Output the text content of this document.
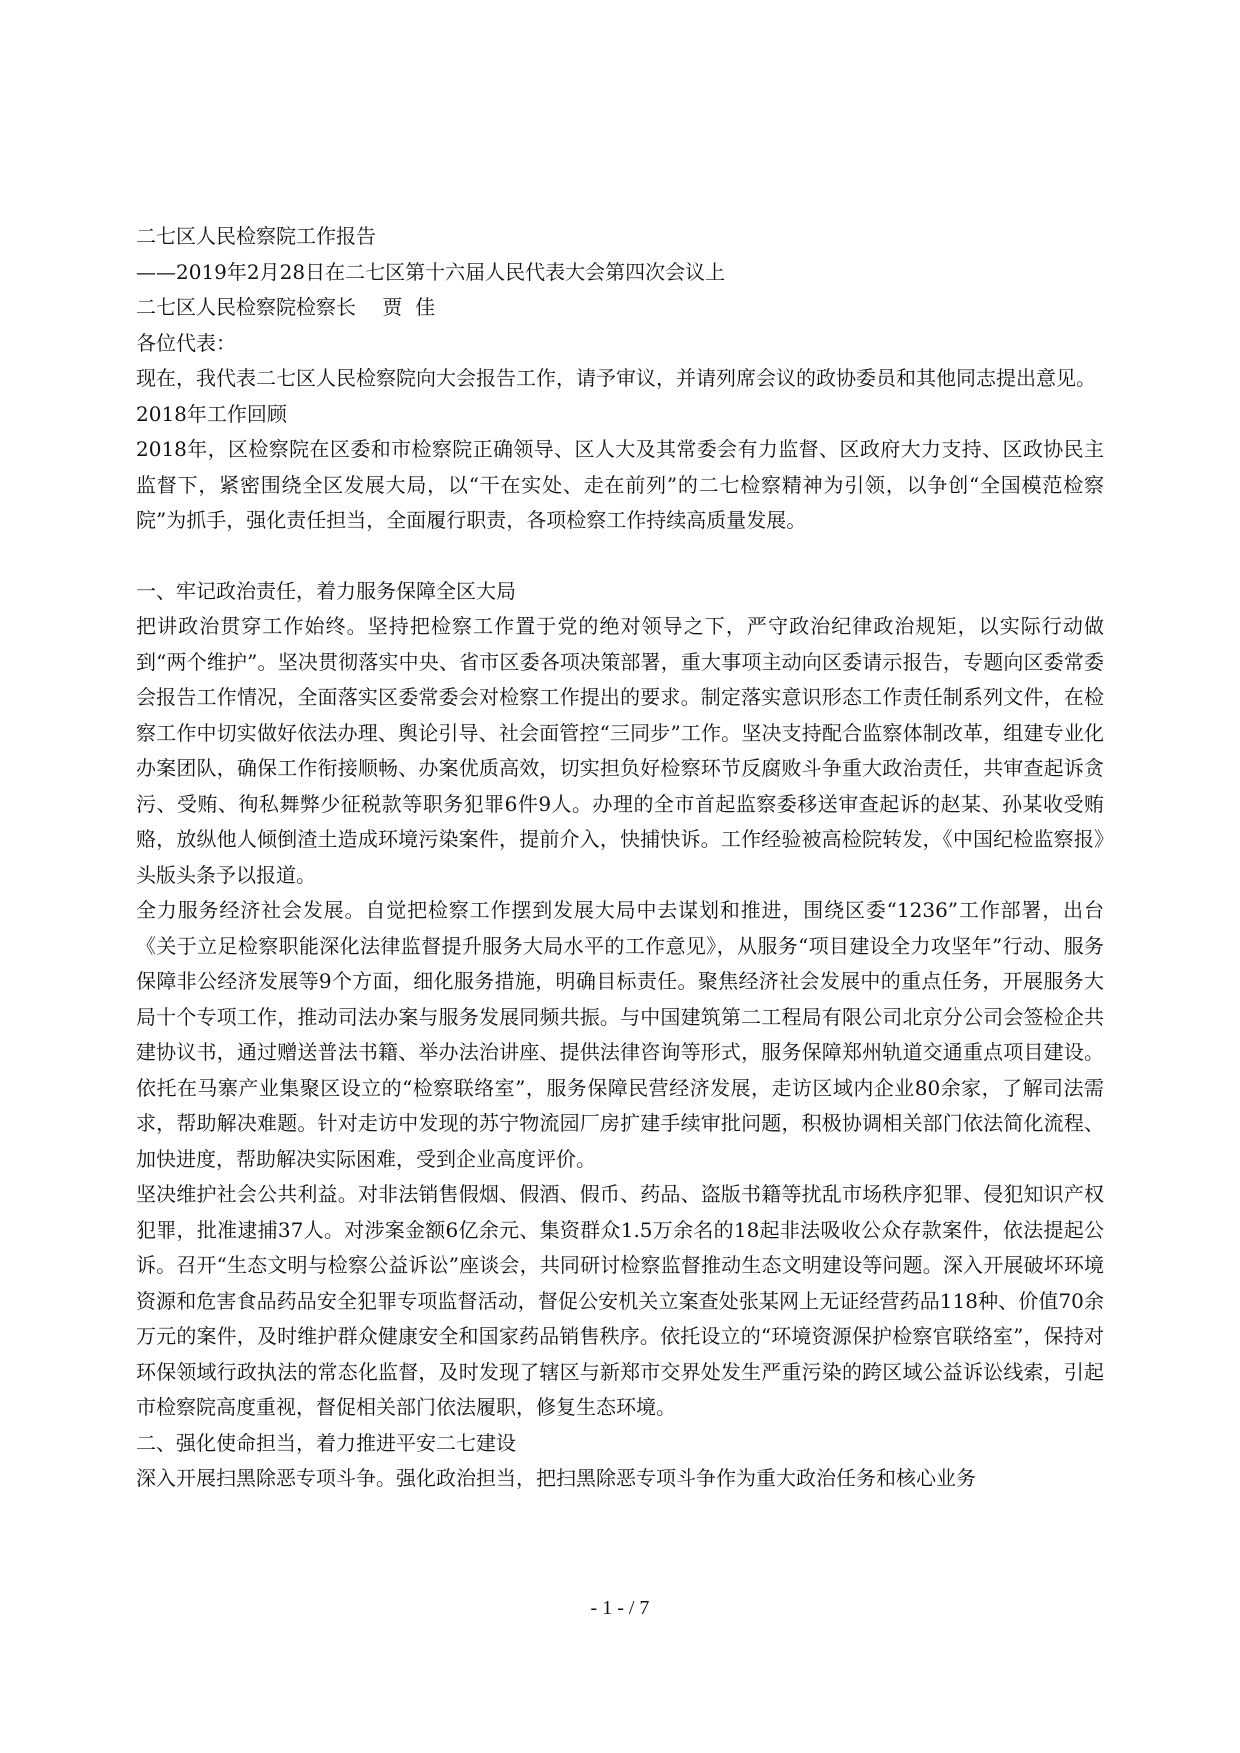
二七区人民检察院工作报告

——2019年2月28日在二七区第十六届人民代表大会第四次会议上

二七区人民检察院检察长　 贾  佳

各位代表：

现在，我代表二七区人民检察院向大会报告工作，请予审议，并请列席会议的政协委员和其他同志提出意见。

2018年工作回顾

2018年，区检察院在区委和市检察院正确领导、区人大及其常委会有力监督、区政府大力支持、区政协民主监督下，紧密围绕全区发展大局，以“干在实处、走在前列”的二七检察精神为引领，以争创“全国模范检察院”为抓手，强化责任担当，全面履行职责，各项检察工作持续高质量发展。

一、牢记政治责任，着力服务保障全区大局

把讲政治贯穿工作始终。坚持把检察工作置于党的绝对领导之下，严守政治纪律政治规矩，以实际行动做到“两个维护”。坚决贯彻落实中央、省市区委各项决策部署，重大事项主动向区委请示报告，专题向区委常委会报告工作情况，全面落实区委常委会对检察工作提出的要求。制定落实意识形态工作责任制系列文件，在检察工作中切实做好依法办理、舆论引导、社会面管控“三同步”工作。坚决支持配合监察体制改革，组建专业化办案团队，确保工作衔接顺畅、办案优质高效，切实担负好检察环节反腐败斗争重大政治责任，共审查起诉贪污、受贿、徇私舞弊少征税款等职务犯罪6件9人。办理的全市首起监察委移送审查起诉的赵某、孙某收受贿赂，放纵他人倾倒渣土造成环境污染案件，提前介入，快捕快诉。工作经验被高检院转发，《中国纪检监察报》头版头条予以报道。

全力服务经济社会发展。自觉把检察工作摆到发展大局中去谋划和推进，围绕区委“1236”工作部署，出台《关于立足检察职能深化法律监督提升服务大局水平的工作意见》，从服务“项目建设全力攻坚年”行动、服务保障非公经济发展等9个方面，细化服务措施，明确目标责任。聚焦经济社会发展中的重点任务，开展服务大局十个专项工作，推动司法办案与服务发展同频共振。与中国建筑第二工程局有限公司北京分公司会签检企共建协议书，通过赠送普法书籍、举办法治讲座、提供法律咨询等形式，服务保障郑州轨道交通重点项目建设。依托在马寨产业集聚区设立的“检察联络室”，服务保障民营经济发展，走访区域内企业80余家，了解司法需求，帮助解决难题。针对走访中发现的苏宁物流园厂房扩建手续审批问题，积极协调相关部门依法简化流程、加快进度，帮助解决实际困难，受到企业高度评价。

坚决维护社会公共利益。对非法销售假烟、假酒、假币、药品、盗版书籍等扰乱市场秩序犯罪、侵犯知识产权犯罪，批准逮捕37人。对涉案金额6亿余元、集资群众1.5万余名的18起非法吸收公众存款案件，依法提起公诉。召开“生态文明与检察公益诉讼”座谈会，共同研讨检察监督推动生态文明建设等问题。深入开展破坏环境资源和危害食品药品安全犯罪专项监督活动，督促公安机关立案查处张某网上无证经营药品118种、价值70余万元的案件，及时维护群众健康安全和国家药品销售秩序。依托设立的“环境资源保护检察官联络室”，保持对环保领域行政执法的常态化监督，及时发现了辖区与新郑市交界处发生严重污染的跨区域公益诉讼线索，引起市检察院高度重视，督促相关部门依法履职，修复生态环境。

二、强化使命担当，着力推进平安二七建设

深入开展扫黑除恶专项斗争。强化政治担当，把扫黑除恶专项斗争作为重大政治任务和核心业务

- 1 - / 7
